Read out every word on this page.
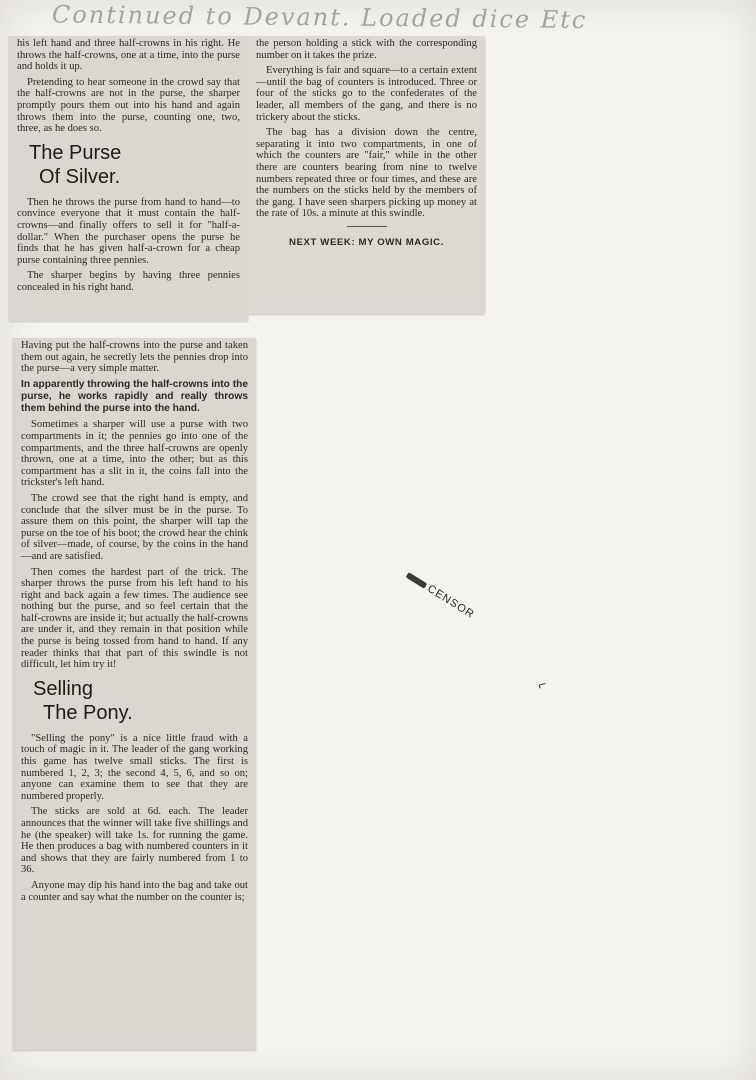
Continued to Devant. Loaded dice Etc

his left hand and three half-crowns in his right. He throws the half-crowns, one at a time, into the purse and holds it up.

Pretending to hear someone in the crowd say that the half-crowns are not in the purse, the sharper promptly pours them out into his hand and again throws them into the purse, counting one, two, three, as he does so.

The Purse
Of Silver.

Then he throws the purse from hand to hand—to convince everyone that it must contain the half-crowns—and finally offers to sell it for "half-a-dollar." When the purchaser opens the purse he finds that he has given half-a-crown for a cheap purse containing three pennies.

The sharper begins by having three pennies concealed in his right hand.

the person holding a stick with the corresponding number on it takes the prize.

Everything is fair and square—to a certain extent—until the bag of counters is introduced. Three or four of the sticks go to the confederates of the leader, all members of the gang, and there is no trickery about the sticks.

The bag has a division down the centre, separating it into two compartments, in one of which the counters are "fair," while in the other there are counters bearing from nine to twelve numbers repeated three or four times, and these are the numbers on the sticks held by the members of the gang. I have seen sharpers picking up money at the rate of 10s. a minute at this swindle.

NEXT WEEK: MY OWN MAGIC.

Having put the half-crowns into the purse and taken them out again, he secretly lets the pennies drop into the purse—a very simple matter.

In apparently throwing the half-crowns into the purse, he works rapidly and really throws them behind the purse into the hand.

Sometimes a sharper will use a purse with two compartments in it; the pennies go into one of the compartments, and the three half-crowns are openly thrown, one at a time, into the other; but as this compartment has a slit in it, the coins fall into the trickster's left hand.

The crowd see that the right hand is empty, and conclude that the silver must be in the purse. To assure them on this point, the sharper will tap the purse on the toe of his boot; the crowd hear the chink of silver—made, of course, by the coins in the hand—and are satisfied.

Then comes the hardest part of the trick. The sharper throws the purse from his left hand to his right and back again a few times. The audience see nothing but the purse, and so feel certain that the half-crowns are inside it; but actually the half-crowns are under it, and they remain in that position while the purse is being tossed from hand to hand. If any reader thinks that that part of this swindle is not difficult, let him try it!

Selling
The Pony.

"Selling the pony" is a nice little fraud with a touch of magic in it. The leader of the gang working this game has twelve small sticks. The first is numbered 1, 2, 3; the second 4, 5, 6, and so on; anyone can examine them to see that they are numbered properly.

The sticks are sold at 6d. each. The leader announces that the winner will take five shillings and he (the speaker) will take 1s. for running the game. He then produces a bag with numbered counters in it and shows that they are fairly numbered from 1 to 36.

Anyone may dip his hand into the bag and take out a counter and say what the number on the counter is;

CENSOR
⌐
